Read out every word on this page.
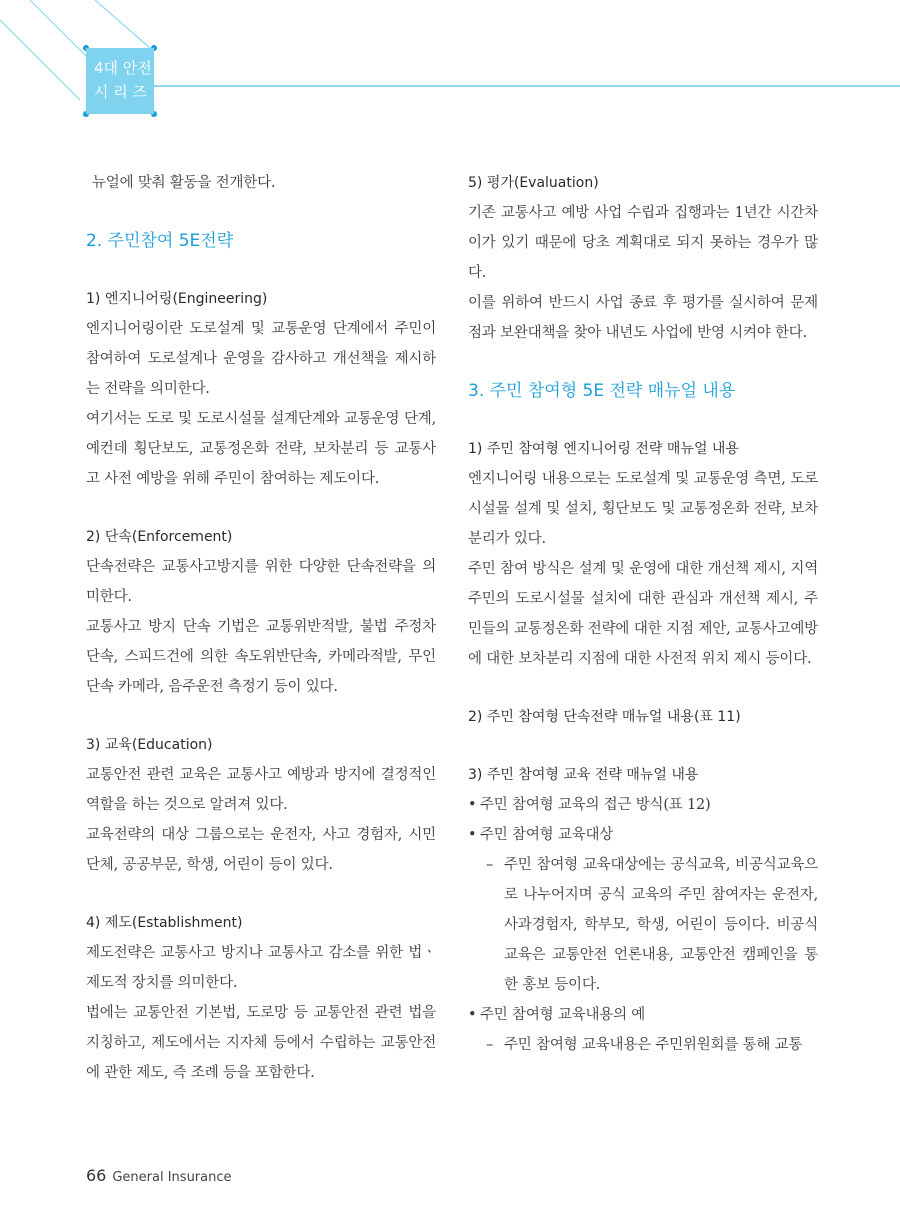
4대 안전
시 리 즈

뉴얼에 맞춰 활동을 전개한다.

2. 주민참여 5E전략
1) 엔지니어링(Engineering)

엔지니어링이란 도로설계 및 교통운영 단계에서 주민이 참여하여 도로설계나 운영을 감사하고 개선책을 제시하는 전략을 의미한다.

여기서는 도로 및 도로시설물 설계단계와 교통운영 단계, 예컨데 횡단보도, 교통정온화 전략, 보차분리 등 교통사고 사전 예방을 위해 주민이 참여하는 제도이다.

2) 단속(Enforcement)

단속전략은 교통사고방지를 위한 다양한 단속전략을 의미한다.

교통사고 방지 단속 기법은 교통위반적발, 불법 주정차 단속, 스피드건에 의한 속도위반단속, 카메라적발, 무인단속 카메라, 음주운전 측정기 등이 있다.

3) 교육(Education)

교통안전 관련 교육은 교통사고 예방과 방지에 결정적인 역할을 하는 것으로 알려져 있다.

교육전략의 대상 그룹으로는 운전자, 사고 경험자, 시민단체, 공공부문, 학생, 어린이 등이 있다.

4) 제도(Establishment)

제도전략은 교통사고 방지나 교통사고 감소를 위한 법ㆍ제도적 장치를 의미한다.

법에는 교통안전 기본법, 도로망 등 교통안전 관련 법을 지칭하고, 제도에서는 지자체 등에서 수립하는 교통안전에 관한 제도, 즉 조례 등을 포함한다.

5) 평가(Evaluation)

기존 교통사고 예방 사업 수립과 집행과는 1년간 시간차이가 있기 때문에 당초 계획대로 되지 못하는 경우가 많다.

이를 위하여 반드시 사업 종료 후 평가를 실시하여 문제점과 보완대책을 찾아 내년도 사업에 반영 시켜야 한다.

3. 주민 참여형 5E 전략 매뉴얼 내용
1) 주민 참여형 엔지니어링 전략 매뉴얼 내용

엔지니어링 내용으로는 도로설계 및 교통운영 측면, 도로시설물 설계 및 설치, 횡단보도 및 교통정온화 전략, 보차분리가 있다.

주민 참여 방식은 설계 및 운영에 대한 개선책 제시, 지역주민의 도로시설물 설치에 대한 관심과 개선책 제시, 주민들의 교통정온화 전략에 대한 지점 제안, 교통사고예방에 대한 보차분리 지점에 대한 사전적 위치 제시 등이다.

2) 주민 참여형 단속전략 매뉴얼 내용(표 11)
3) 주민 참여형 교육 전략 매뉴얼 내용

• 주민 참여형 교육의 접근 방식(표 12)

• 주민 참여형 교육대상

– 주민 참여형 교육대상에는 공식교육, 비공식교육으로 나누어지며 공식 교육의 주민 참여자는 운전자, 사과경험자, 학부모, 학생, 어린이 등이다. 비공식 교육은 교통안전 언론내용, 교통안전 캠페인을 통한 홍보 등이다.

• 주민 참여형 교육내용의 예

– 주민 참여형 교육내용은 주민위원회를 통해 교통

66 General Insurance
